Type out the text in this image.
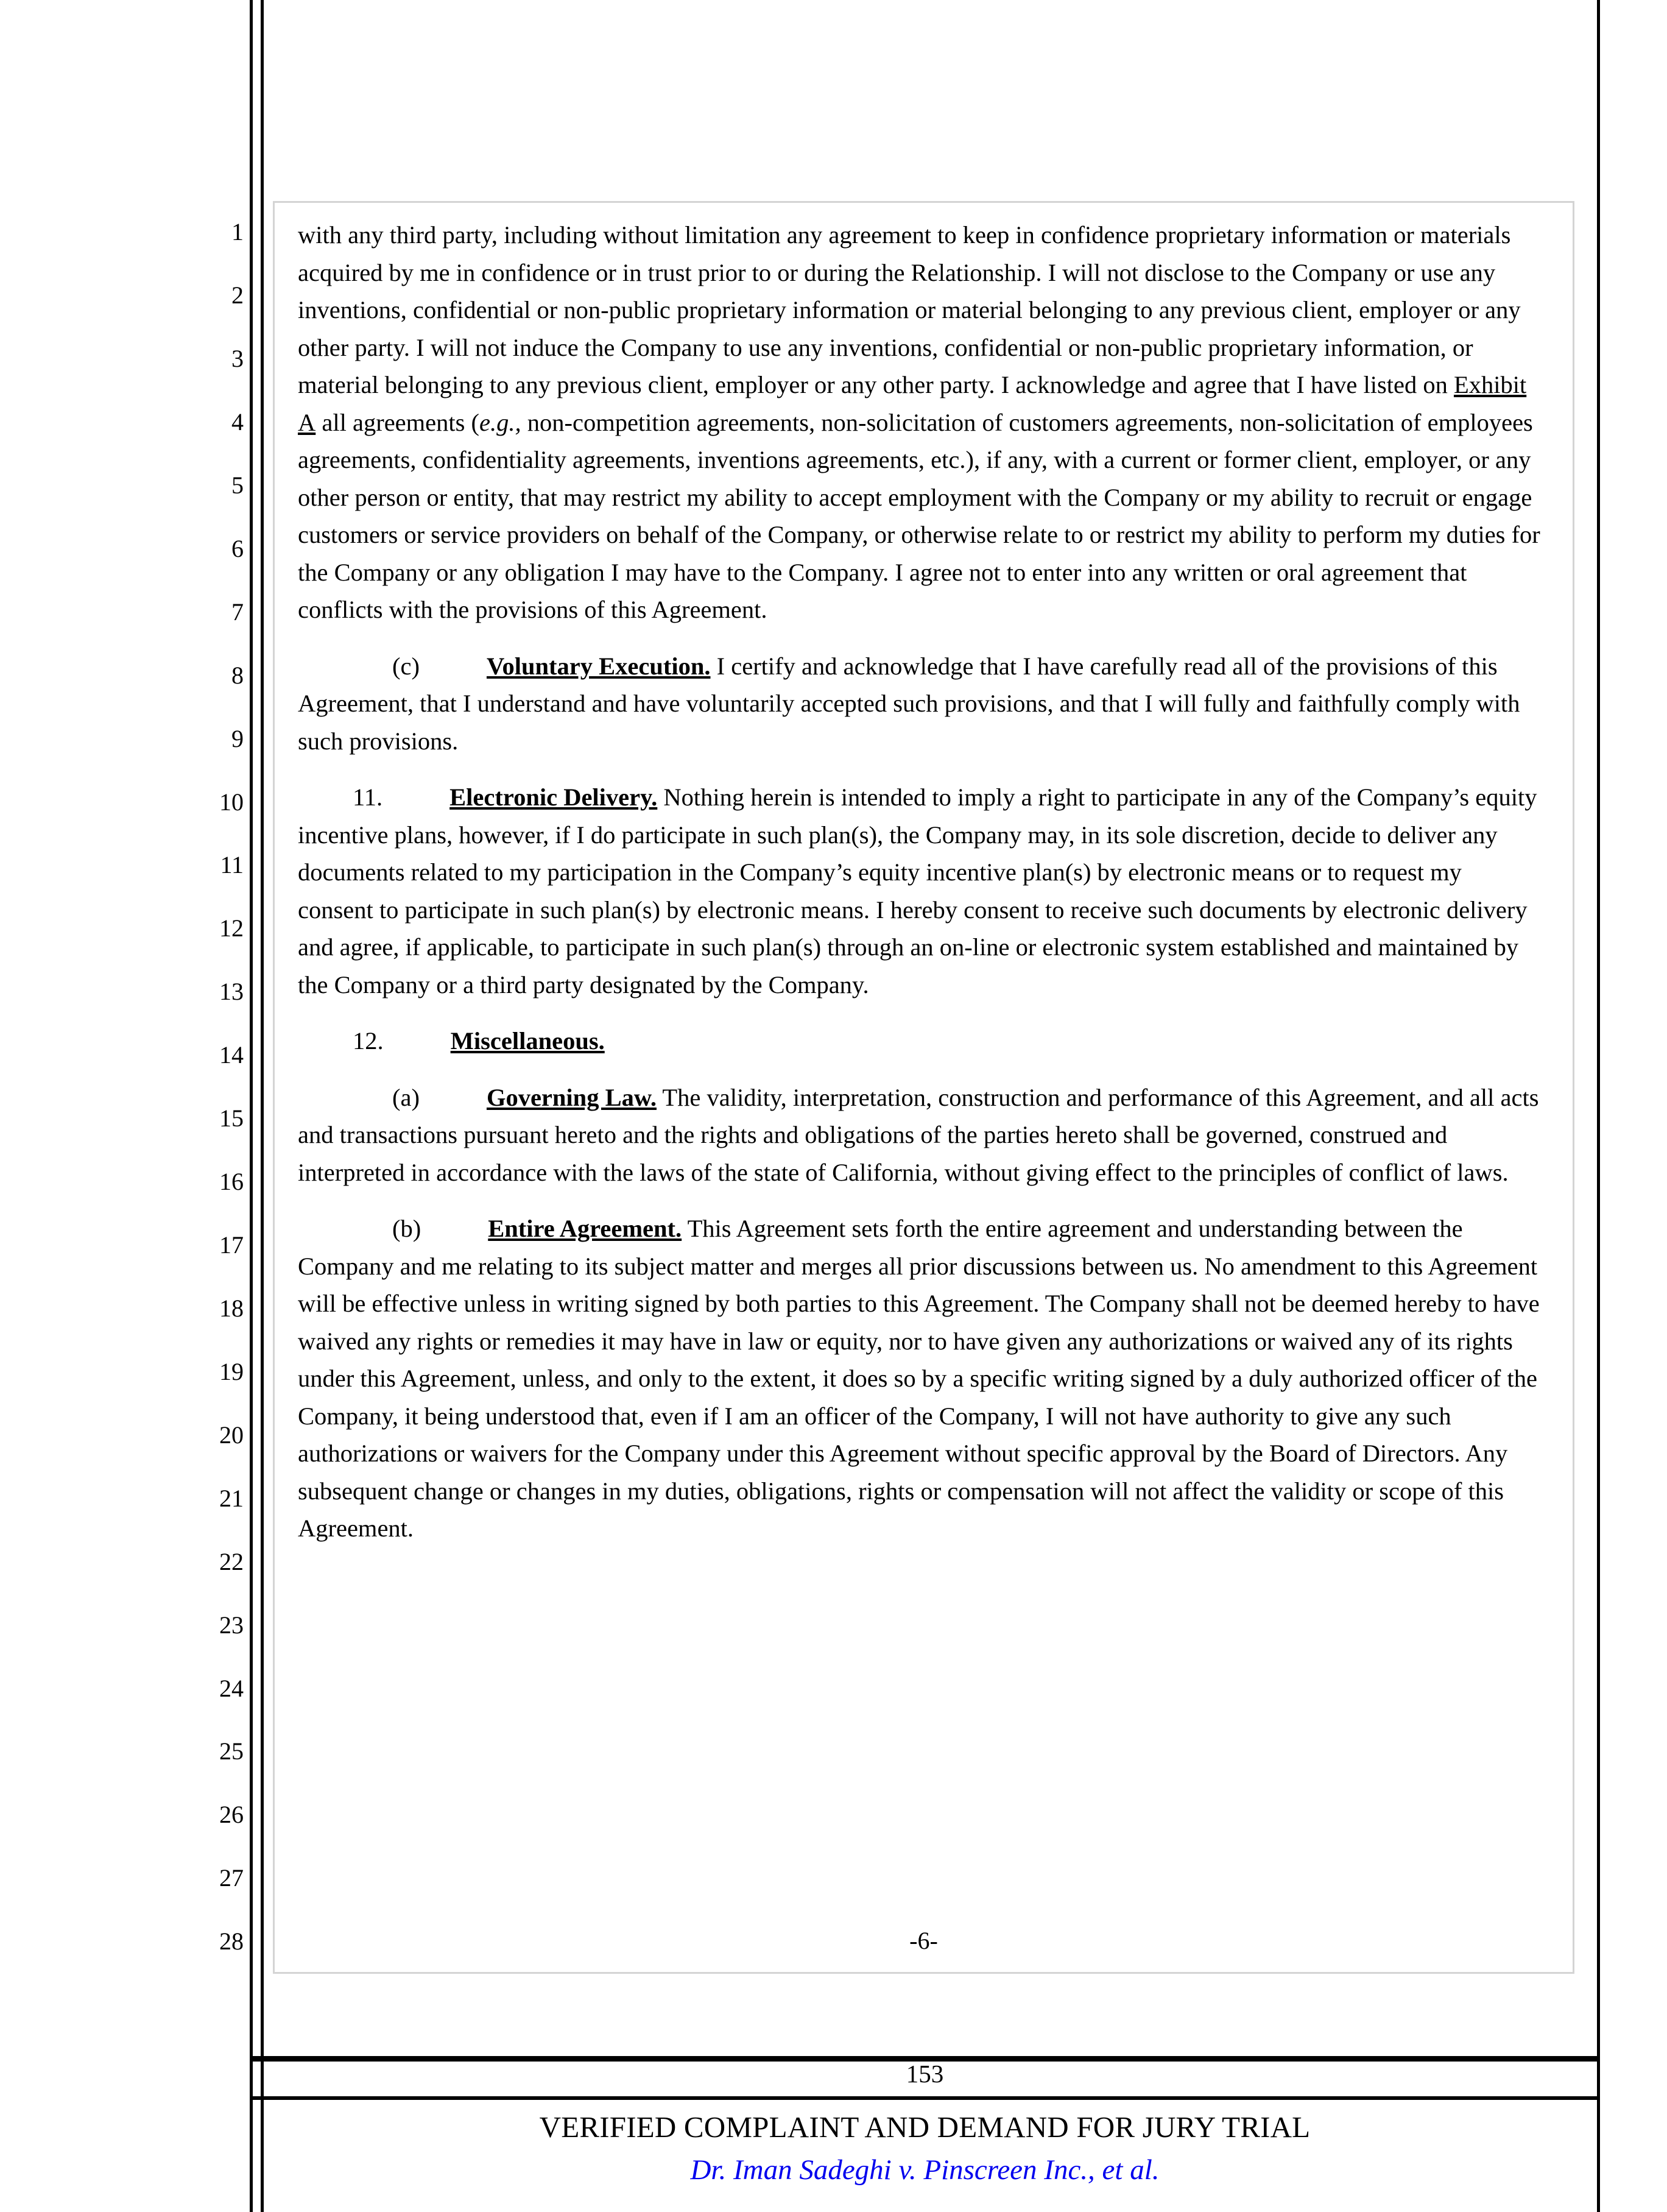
1
2
3
4
5
6
7
8
9
10
11
12
13
14
15
16
17
18
19
20
21
22
23
24
25
26
27
28

with any third party, including without limitation any agreement to keep in confidence proprietary information or materials acquired by me in confidence or in trust prior to or during the Relationship. I will not disclose to the Company or use any inventions, confidential or non-public proprietary information or material belonging to any previous client, employer or any other party. I will not induce the Company to use any inventions, confidential or non-public proprietary information, or material belonging to any previous client, employer or any other party. I acknowledge and agree that I have listed on Exhibit A all agreements (e.g., non-competition agreements, non-solicitation of customers agreements, non-solicitation of employees agreements, confidentiality agreements, inventions agreements, etc.), if any, with a current or former client, employer, or any other person or entity, that may restrict my ability to accept employment with the Company or my ability to recruit or engage customers or service providers on behalf of the Company, or otherwise relate to or restrict my ability to perform my duties for the Company or any obligation I may have to the Company. I agree not to enter into any written or oral agreement that conflicts with the provisions of this Agreement.

(c)	Voluntary Execution. I certify and acknowledge that I have carefully read all of the provisions of this Agreement, that I understand and have voluntarily accepted such provisions, and that I will fully and faithfully comply with such provisions.

11.	Electronic Delivery. Nothing herein is intended to imply a right to participate in any of the Company’s equity incentive plans, however, if I do participate in such plan(s), the Company may, in its sole discretion, decide to deliver any documents related to my participation in the Company’s equity incentive plan(s) by electronic means or to request my consent to participate in such plan(s) by electronic means. I hereby consent to receive such documents by electronic delivery and agree, if applicable, to participate in such plan(s) through an on-line or electronic system established and maintained by the Company or a third party designated by the Company.

12.	Miscellaneous.

(a)	Governing Law. The validity, interpretation, construction and performance of this Agreement, and all acts and transactions pursuant hereto and the rights and obligations of the parties hereto shall be governed, construed and interpreted in accordance with the laws of the state of California, without giving effect to the principles of conflict of laws.

(b)	Entire Agreement. This Agreement sets forth the entire agreement and understanding between the Company and me relating to its subject matter and merges all prior discussions between us. No amendment to this Agreement will be effective unless in writing signed by both parties to this Agreement. The Company shall not be deemed hereby to have waived any rights or remedies it may have in law or equity, nor to have given any authorizations or waived any of its rights under this Agreement, unless, and only to the extent, it does so by a specific writing signed by a duly authorized officer of the Company, it being understood that, even if I am an officer of the Company, I will not have authority to give any such authorizations or waivers for the Company under this Agreement without specific approval by the Board of Directors. Any subsequent change or changes in my duties, obligations, rights or compensation will not affect the validity or scope of this Agreement.

-6-
153
VERIFIED COMPLAINT AND DEMAND FOR JURY TRIAL
Dr. Iman Sadeghi v. Pinscreen Inc., et al.
